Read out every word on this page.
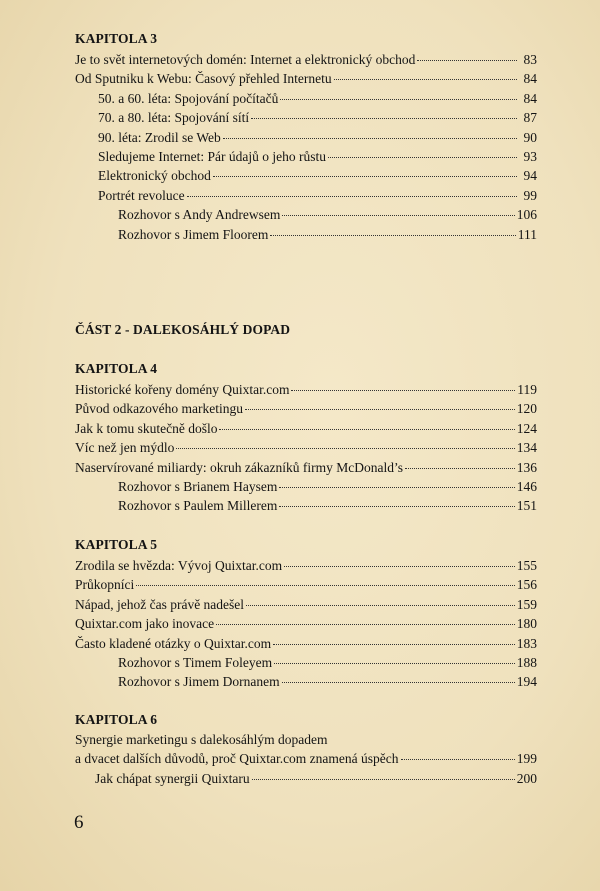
KAPITOLA 3
Je to svět internetových domén: Internet a elektronický obchod	83
Od Sputniku k Webu: Časový přehled Internetu	84
50. a 60. léta: Spojování počítačů	84
70. a 80. léta: Spojování sítí	87
90. léta: Zrodil se Web	90
Sledujeme Internet: Pár údajů o jeho růstu	93
Elektronický obchod	94
Portrét revoluce	99
Rozhovor s Andy Andrewsem	106
Rozhovor s Jimem Floorem	111
ČÁST 2 - DALEKOSÁHLÝ DOPAD
KAPITOLA 4
Historické kořeny domény Quixtar.com	119
Původ odkazového marketingu	120
Jak k tomu skutečně došlo	124
Víc než jen mýdlo	134
Naservírované miliardy: okruh zákazníků firmy McDonald’s	136
Rozhovor s Brianem Haysem	146
Rozhovor s Paulem Millerem	151
KAPITOLA 5
Zrodila se hvězda: Vývoj Quixtar.com	155
Průkopníci	156
Nápad, jehož čas právě nadešel	159
Quixtar.com jako inovace	180
Často kladené otázky o Quixtar.com	183
Rozhovor s Timem Foleyem	188
Rozhovor s Jimem Dornanem	194
KAPITOLA 6
Synergie marketingu s dalekosáhlým dopadem
a dvacet dalších důvodů, proč Quixtar.com znamená úspěch	199
Jak chápat synergii Quixtaru	200
6
